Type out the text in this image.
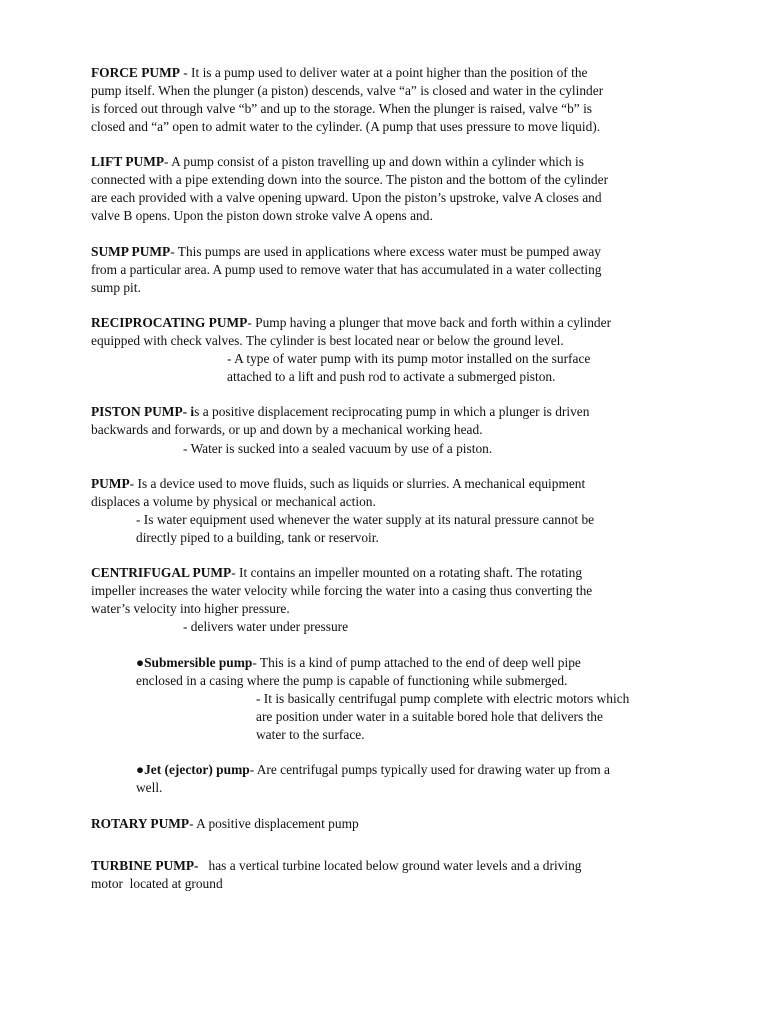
FORCE PUMP - It is a pump used to deliver water at a point higher than the position of the
pump itself. When the plunger (a piston) descends, valve “a” is closed and water in the cylinder
is forced out through valve “b” and up to the storage. When the plunger is raised, valve “b” is
closed and “a” open to admit water to the cylinder. (A pump that uses pressure to move liquid).

LIFT PUMP- A pump consist of a piston travelling up and down within a cylinder which is
connected with a pipe extending down into the source. The piston and the bottom of the cylinder
are each provided with a valve opening upward. Upon the piston’s upstroke, valve A closes and
valve B opens. Upon the piston down stroke valve A opens and.

SUMP PUMP- This pumps are used in applications where excess water must be pumped away
from a particular area. A pump used to remove water that has accumulated in a water collecting
sump pit.

RECIPROCATING PUMP- Pump having a plunger that move back and forth within a cylinder
equipped with check valves. The cylinder is best located near or below the ground level.

- A type of water pump with its pump motor installed on the surface
attached to a lift and push rod to activate a submerged piston.

PISTON PUMP- is a positive displacement reciprocating pump in which a plunger is driven
backwards and forwards, or up and down by a mechanical working head.

- Water is sucked into a sealed vacuum by use of a piston.

PUMP- Is a device used to move fluids, such as liquids or slurries. A mechanical equipment
displaces a volume by physical or mechanical action.

- Is water equipment used whenever the water supply at its natural pressure cannot be
directly piped to a building, tank or reservoir.

CENTRIFUGAL PUMP- It contains an impeller mounted on a rotating shaft. The rotating
impeller increases the water velocity while forcing the water into a casing thus converting the
water’s velocity into higher pressure.

- delivers water under pressure

●Submersible pump- This is a kind of pump attached to the end of deep well pipe
enclosed in a casing where the pump is capable of functioning while submerged.

- It is basically centrifugal pump complete with electric motors which
are position under water in a suitable bored hole that delivers the
water to the surface.

●Jet (ejector) pump- Are centrifugal pumps typically used for drawing water up from a
well.

ROTARY PUMP- A positive displacement pump

TURBINE PUMP-   has a vertical turbine located below ground water levels and a driving
motor  located at ground
